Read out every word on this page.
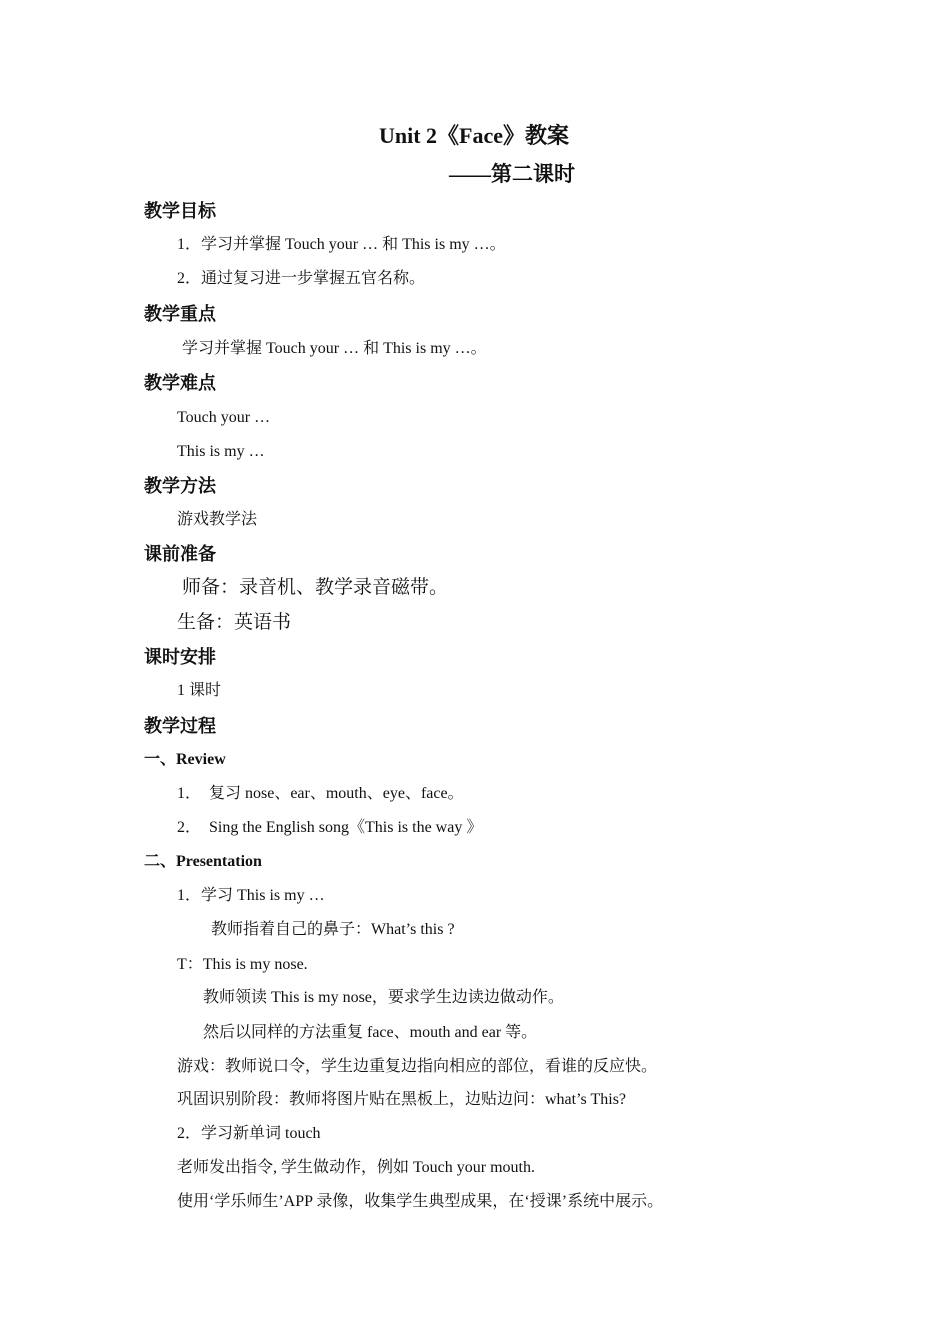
Unit 2《Face》教案

——第二课时

教学目标

1．学习并掌握 Touch your … 和 This is my …。

2．通过复习进一步掌握五官名称。

教学重点

学习并掌握 Touch your … 和 This is my …。

教学难点

Touch your …

This is my …

教学方法

游戏教学法

课前准备

师备：录音机、教学录音磁带。

生备：英语书

课时安排

1 课时

教学过程

一、Review

1．  复习 nose、ear、mouth、eye、face。

2．  Sing the English song《This is the way 》

二、Presentation

1．学习 This is my …

教师指着自己的鼻子：What’s this ?

T：This is my nose.

教师领读 This is my nose，要求学生边读边做动作。

然后以同样的方法重复 face、mouth and ear 等。

游戏：教师说口令，学生边重复边指向相应的部位，看谁的反应快。

巩固识别阶段：教师将图片贴在黑板上，边贴边问：what’s This?

2．学习新单词 touch

老师发出指令, 学生做动作，例如 Touch your mouth.

使用‘学乐师生’APP 录像，收集学生典型成果，在‘授课’系统中展示。
